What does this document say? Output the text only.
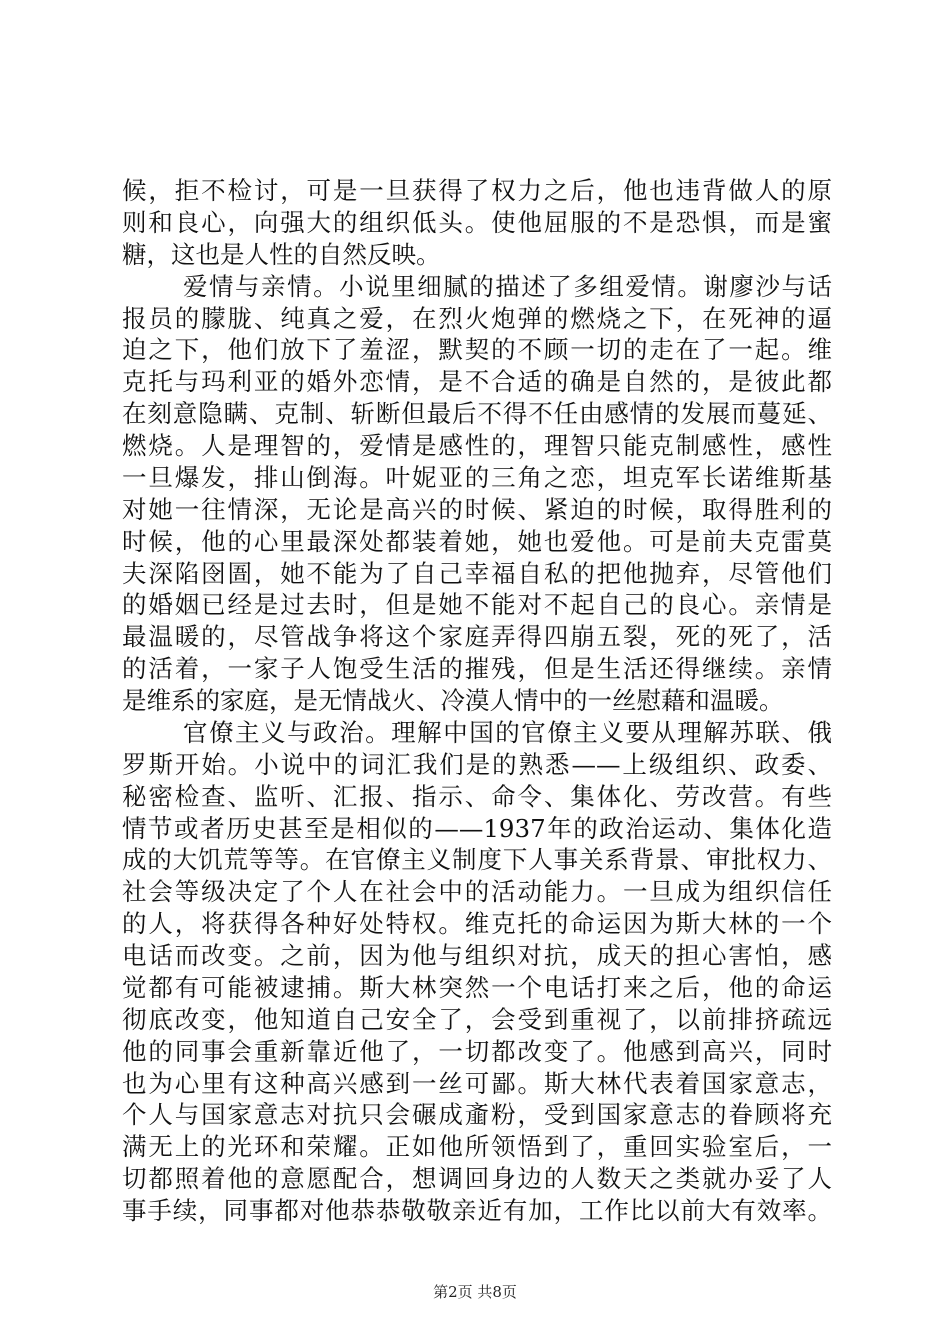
候，拒不检讨，可是一旦获得了权力之后，他也违背做人的原
则和良心，向强大的组织低头。使他屈服的不是恐惧，而是蜜
糖，这也是人性的自然反映。
爱情与亲情。小说里细腻的描述了多组爱情。谢廖沙与话
报员的朦胧、纯真之爱，在烈火炮弹的燃烧之下，在死神的逼
迫之下，他们放下了羞涩，默契的不顾一切的走在了一起。维
克托与玛利亚的婚外恋情，是不合适的确是自然的，是彼此都
在刻意隐瞒、克制、斩断但最后不得不任由感情的发展而蔓延、
燃烧。人是理智的，爱情是感性的，理智只能克制感性，感性
一旦爆发，排山倒海。叶妮亚的三角之恋，坦克军长诺维斯基
对她一往情深，无论是高兴的时候、紧迫的时候，取得胜利的
时候，他的心里最深处都装着她，她也爱他。可是前夫克雷莫
夫深陷囹圄，她不能为了自己幸福自私的把他抛弃，尽管他们
的婚姻已经是过去时，但是她不能对不起自己的良心。亲情是
最温暖的，尽管战争将这个家庭弄得四崩五裂，死的死了，活
的活着，一家子人饱受生活的摧残，但是生活还得继续。亲情
是维系的家庭，是无情战火、冷漠人情中的一丝慰藉和温暖。
官僚主义与政治。理解中国的官僚主义要从理解苏联、俄
罗斯开始。小说中的词汇我们是的熟悉——上级组织、政委、
秘密检查、监听、汇报、指示、命令、集体化、劳改营。有些
情节或者历史甚至是相似的——1937年的政治运动、集体化造
成的大饥荒等等。在官僚主义制度下人事关系背景、审批权力、
社会等级决定了个人在社会中的活动能力。一旦成为组织信任
的人，将获得各种好处特权。维克托的命运因为斯大林的一个
电话而改变。之前，因为他与组织对抗，成天的担心害怕，感
觉都有可能被逮捕。斯大林突然一个电话打来之后，他的命运
彻底改变，他知道自己安全了，会受到重视了，以前排挤疏远
他的同事会重新靠近他了，一切都改变了。他感到高兴，同时
也为心里有这种高兴感到一丝可鄙。斯大林代表着国家意志，
个人与国家意志对抗只会碾成齑粉，受到国家意志的眷顾将充
满无上的光环和荣耀。正如他所领悟到了，重回实验室后，一
第2页 共8页
切都照着他的意愿配合，想调回身边的人数天之类就办妥了人
事手续，同事都对他恭恭敬敬亲近有加，工作比以前大有效率。
